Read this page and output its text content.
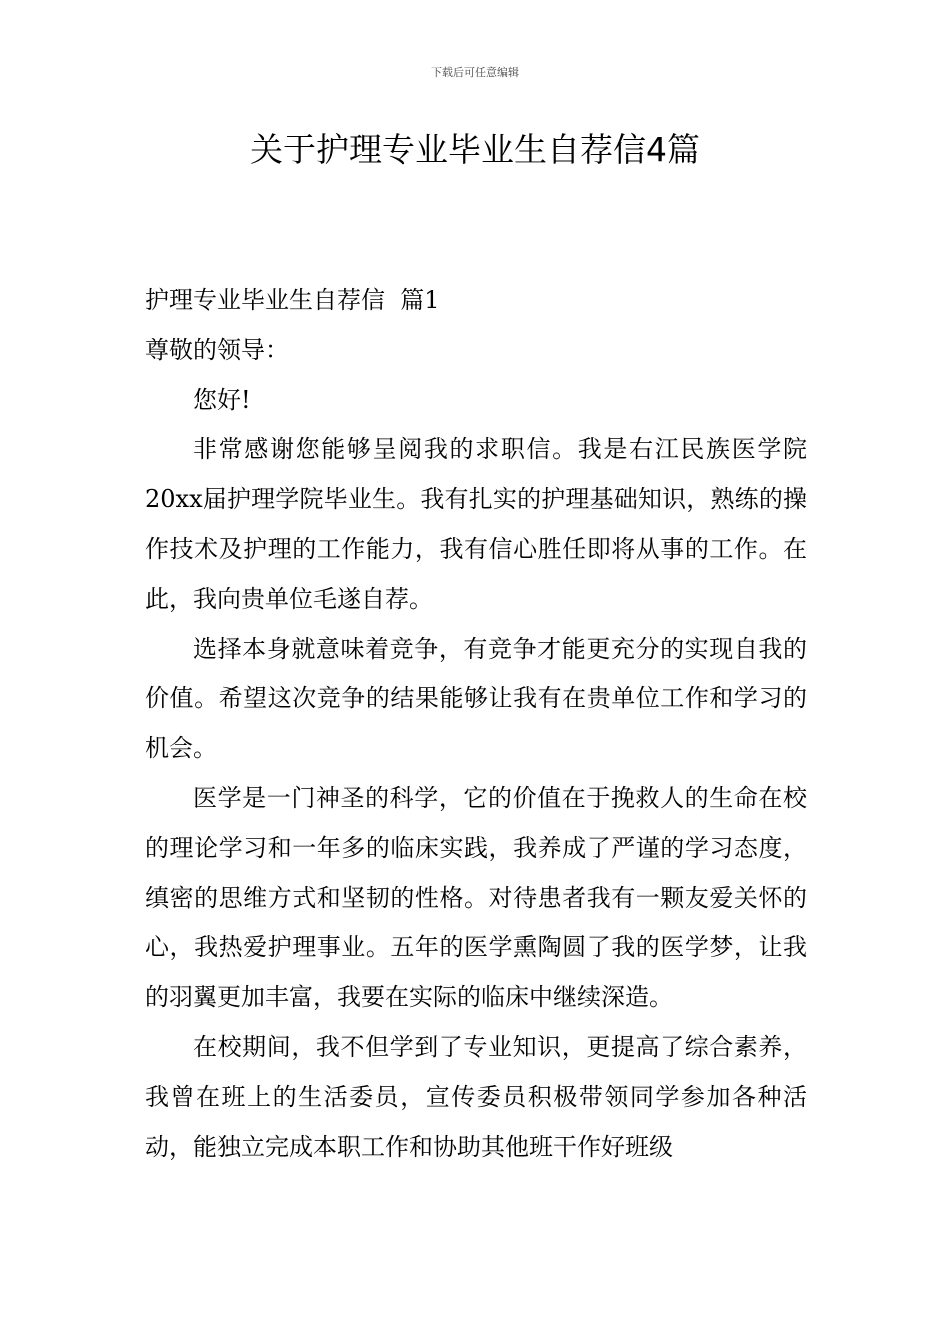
下载后可任意编辑
关于护理专业毕业生自荐信4篇

护理专业毕业生自荐信  篇1

尊敬的领导：

您好!

非常感谢您能够呈阅我的求职信。我是右江民族医学院20xx届护理学院毕业生。我有扎实的护理基础知识，熟练的操作技术及护理的工作能力，我有信心胜任即将从事的工作。在此，我向贵单位毛遂自荐。

选择本身就意味着竞争，有竞争才能更充分的实现自我的价值。希望这次竞争的结果能够让我有在贵单位工作和学习的机会。

医学是一门神圣的科学，它的价值在于挽救人的生命在校的理论学习和一年多的临床实践，我养成了严谨的学习态度，缜密的思维方式和坚韧的性格。对待患者我有一颗友爱关怀的心，我热爱护理事业。五年的医学熏陶圆了我的医学梦，让我的羽翼更加丰富，我要在实际的临床中继续深造。

在校期间，我不但学到了专业知识，更提高了综合素养，我曾在班上的生活委员，宣传委员积极带领同学参加各种活动，能独立完成本职工作和协助其他班干作好班级
